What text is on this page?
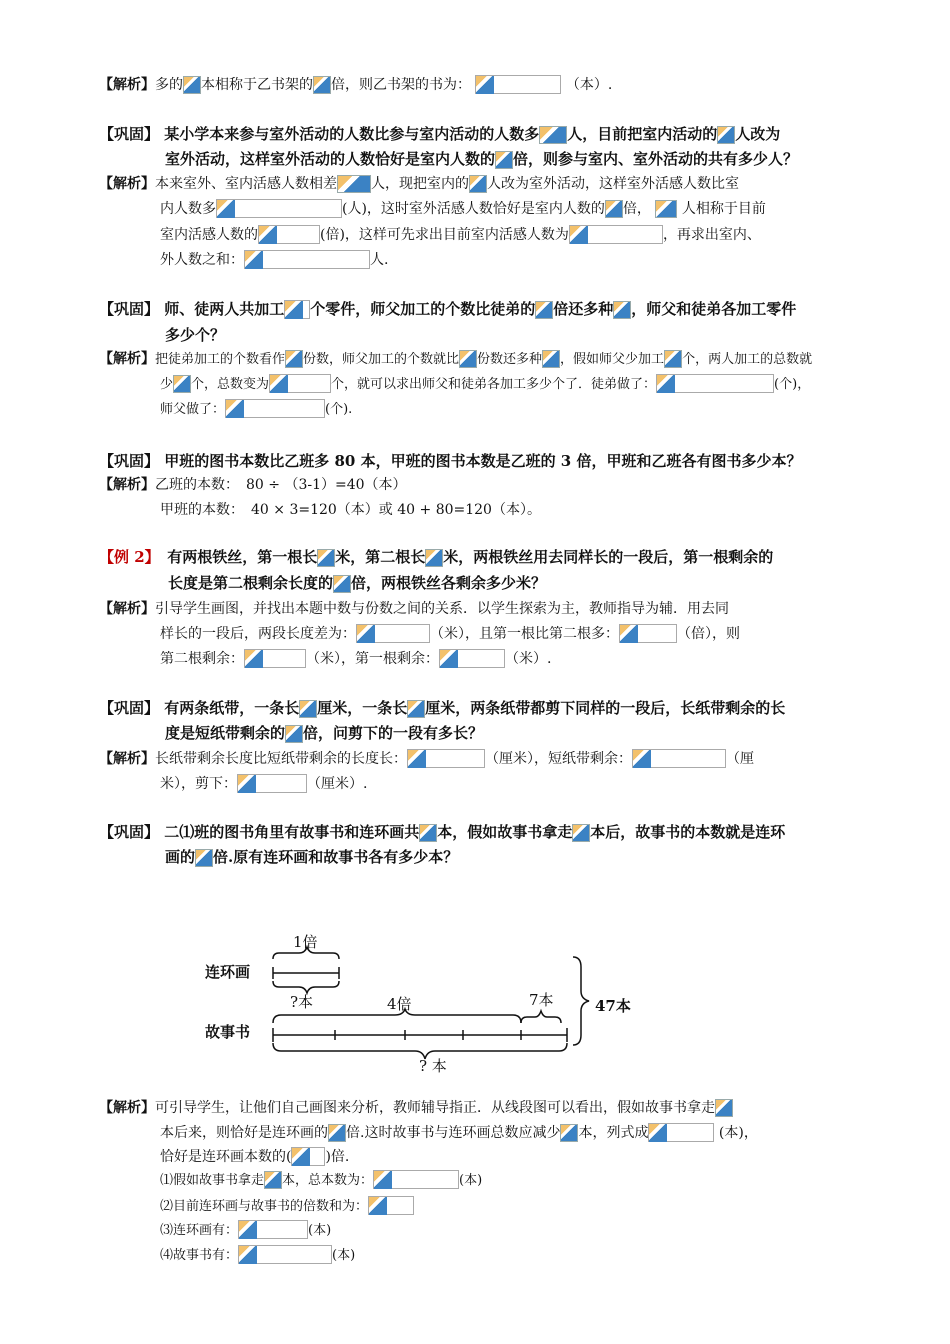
【解析】多的 本相称于乙书架的 倍，则乙书架的书为：	（本）.
【巩固】 某小学本来参与室外活动的人数比参与室内活动的人数多 人，目前把室内活动的 人改为
室外活动，这样室外活动的人数恰好是室内人数的 倍，则参与室内、室外活动的共有多少人？
【解析】本来室外、室内活感人数相差 人，现把室内的 人改为室外活动，这样室外活感人数比室
内人数多	(人)，这时室外活感人数恰好是室内人数的 倍， 人相称于目前
室内活感人数的	(倍)，这样可先求出目前室内活感人数为	，再求出室内、
外人数之和：	人.
【巩固】 师、徒两人共加工 个零件，师父加工的个数比徒弟的 倍还多种 ，师父和徒弟各加工零件
多少个？
【解析】把徒弟加工的个数看作 份数，师父加工的个数就比 份数还多种 ，假如师父少加工 个，两人加工的总数就
少 个，总数变为	个，就可以求出师父和徒弟各加工多少个了．徒弟做了：	(个)，
师父做了：	(个).
【巩固】 甲班的图书本数比乙班多 80 本，甲班的图书本数是乙班的 3 倍，甲班和乙班各有图书多少本？
【解析】乙班的本数：　80 ÷ （3-1）=40（本）
甲班的本数：　40 × 3=120（本）或 40 + 80=120（本）。
【例 2】　 有两根铁丝，第一根长 米，第二根长 米，两根铁丝用去同样长的一段后，第一根剩余的
长度是第二根剩余长度的 倍，两根铁丝各剩余多少米？
【解析】引导学生画图，并找出本题中数与份数之间的关系．以学生探索为主，教师指导为辅．用去同
样长的一段后，两段长度差为：	（米），且第一根比第二根多：	（倍），则
第二根剩余：	（米），第一根剩余：	（米）.
【巩固】 有两条纸带，一条长 厘米，一条长 厘米，两条纸带都剪下同样的一段后，长纸带剩余的长
度是短纸带剩余的 倍，问剪下的一段有多长？
【解析】长纸带剩余长度比短纸带剩余的长度长：	（厘米），短纸带剩余：	（厘
米），剪下：	（厘米）.
【巩固】 二⑴班的图书角里有故事书和连环画共 本，假如故事书拿走 本后，故事书的本数就是连环
画的 倍.原有连环画和故事书各有多少本？
1倍
连环画
?本	4倍	7本	47本
故事书
? 本
【解析】可引导学生，让他们自己画图来分析，教师辅导指正．从线段图可以看出，假如故事书拿走
本后来，则恰好是连环画的 倍.这时故事书与连环画总数应减少 本，列式成	(本)，
恰好是连环画本数的( )倍.
⑴假如故事书拿走 本，总本数为：	(本)
⑵目前连环画与故事书的倍数和为：
⑶连环画有：	(本)
⑷故事书有：	(本)
